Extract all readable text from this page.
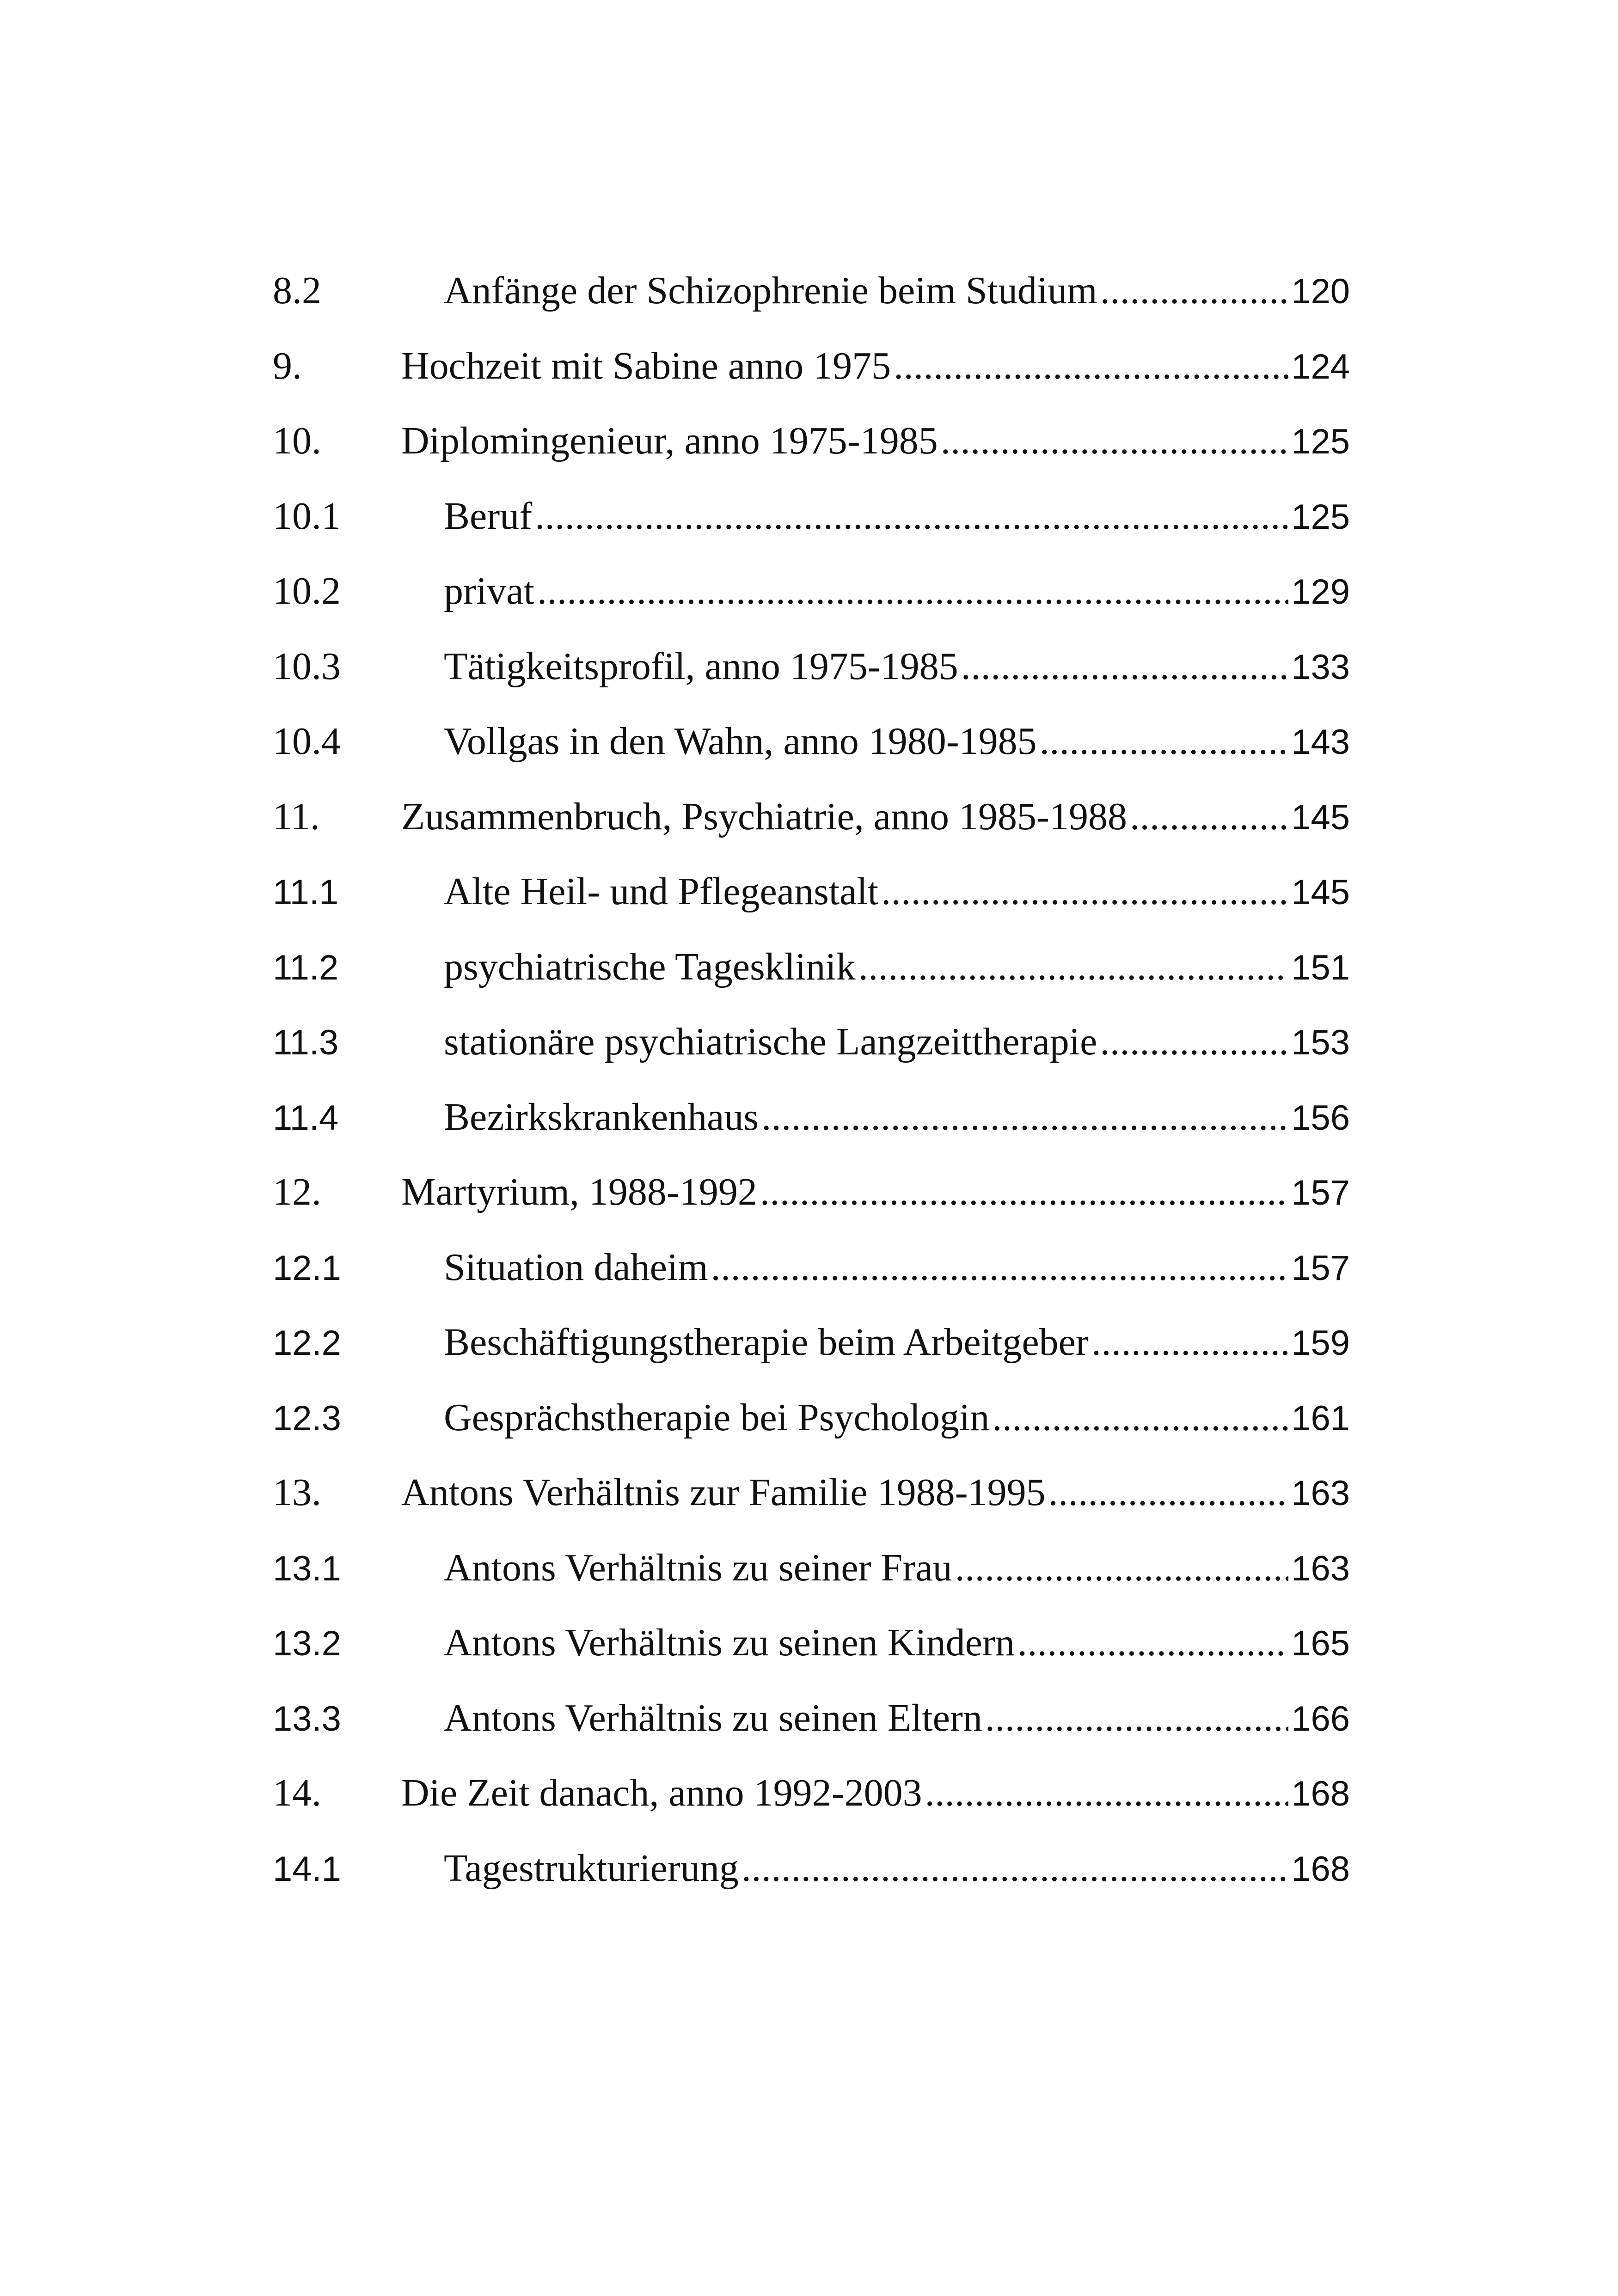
8.2	Anfänge der Schizophrenie beim Studium .....	120
9.	Hochzeit mit Sabine anno 1975 .....	124
10.	Diplomingenieur, anno 1975-1985 .....	125
10.1	Beruf .....	125
10.2	privat .....	129
10.3	Tätigkeitsprofil, anno 1975-1985 .....	133
10.4	Vollgas in den Wahn, anno 1980-1985 .....	143
11.	Zusammenbruch, Psychiatrie, anno 1985-1988 .....	145
11.1	Alte Heil- und Pflegeanstalt .....	145
11.2	psychiatrische Tagesklinik .....	151
11.3	stationäre psychiatrische Langzeittherapie .....	153
11.4	Bezirkskrankenhaus .....	156
12.	Martyrium, 1988-1992 .....	157
12.1	Situation daheim .....	157
12.2	Beschäftigungstherapie beim Arbeitgeber .....	159
12.3	Gesprächstherapie bei Psychologin .....	161
13.	Antons Verhältnis zur Familie 1988-1995 .....	163
13.1	Antons Verhältnis zu seiner Frau .....	163
13.2	Antons Verhältnis zu seinen Kindern .....	165
13.3	Antons Verhältnis zu seinen Eltern .....	166
14.	Die Zeit danach, anno 1992-2003 .....	168
14.1	Tagestrukturierung .....	168
